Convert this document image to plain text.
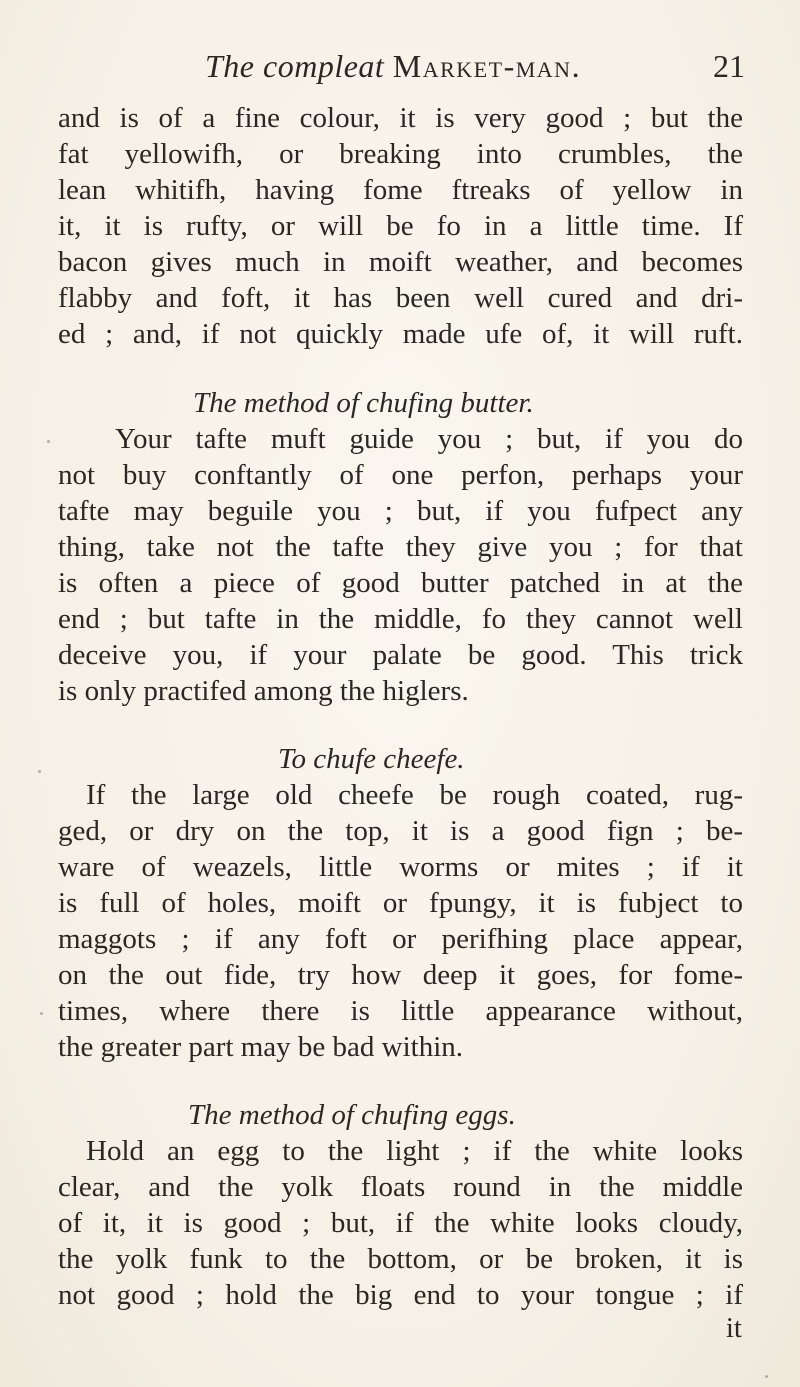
The compleat Market-man.	21
and is of a fine colour, it is very good ; but the
fat yellowifh, or breaking into crumbles, the
lean whitifh, having fome ftreaks of yellow in
it, it is rufty, or will be fo in a little time. If
bacon gives much in moift weather, and becomes
flabby and foft, it has been well cured and dri-
ed ; and, if not quickly made ufe of, it will ruft.
The method of chufing butter.
Your tafte muft guide you ; but, if you do
not buy conftantly of one perfon, perhaps your
tafte may beguile you ; but, if you fufpect any
thing, take not the tafte they give you ; for that
is often a piece of good butter patched in at the
end ; but tafte in the middle, fo they cannot well
deceive you, if your palate be good. This trick
is only practifed among the higlers.
To chufe cheefe.
If the large old cheefe be rough coated, rug-
ged, or dry on the top, it is a good fign ; be-
ware of weazels, little worms or mites ; if it
is full of holes, moift or fpungy, it is fubject to
maggots ; if any foft or perifhing place appear,
on the out fide, try how deep it goes, for fome-
times, where there is little appearance without,
the greater part may be bad within.
The method of chufing eggs.
Hold an egg to the light ; if the white looks
clear, and the yolk floats round in the middle
of it, it is good ; but, if the white looks cloudy,
the yolk funk to the bottom, or be broken, it is
not good ; hold the big end to your tongue ; if
it
